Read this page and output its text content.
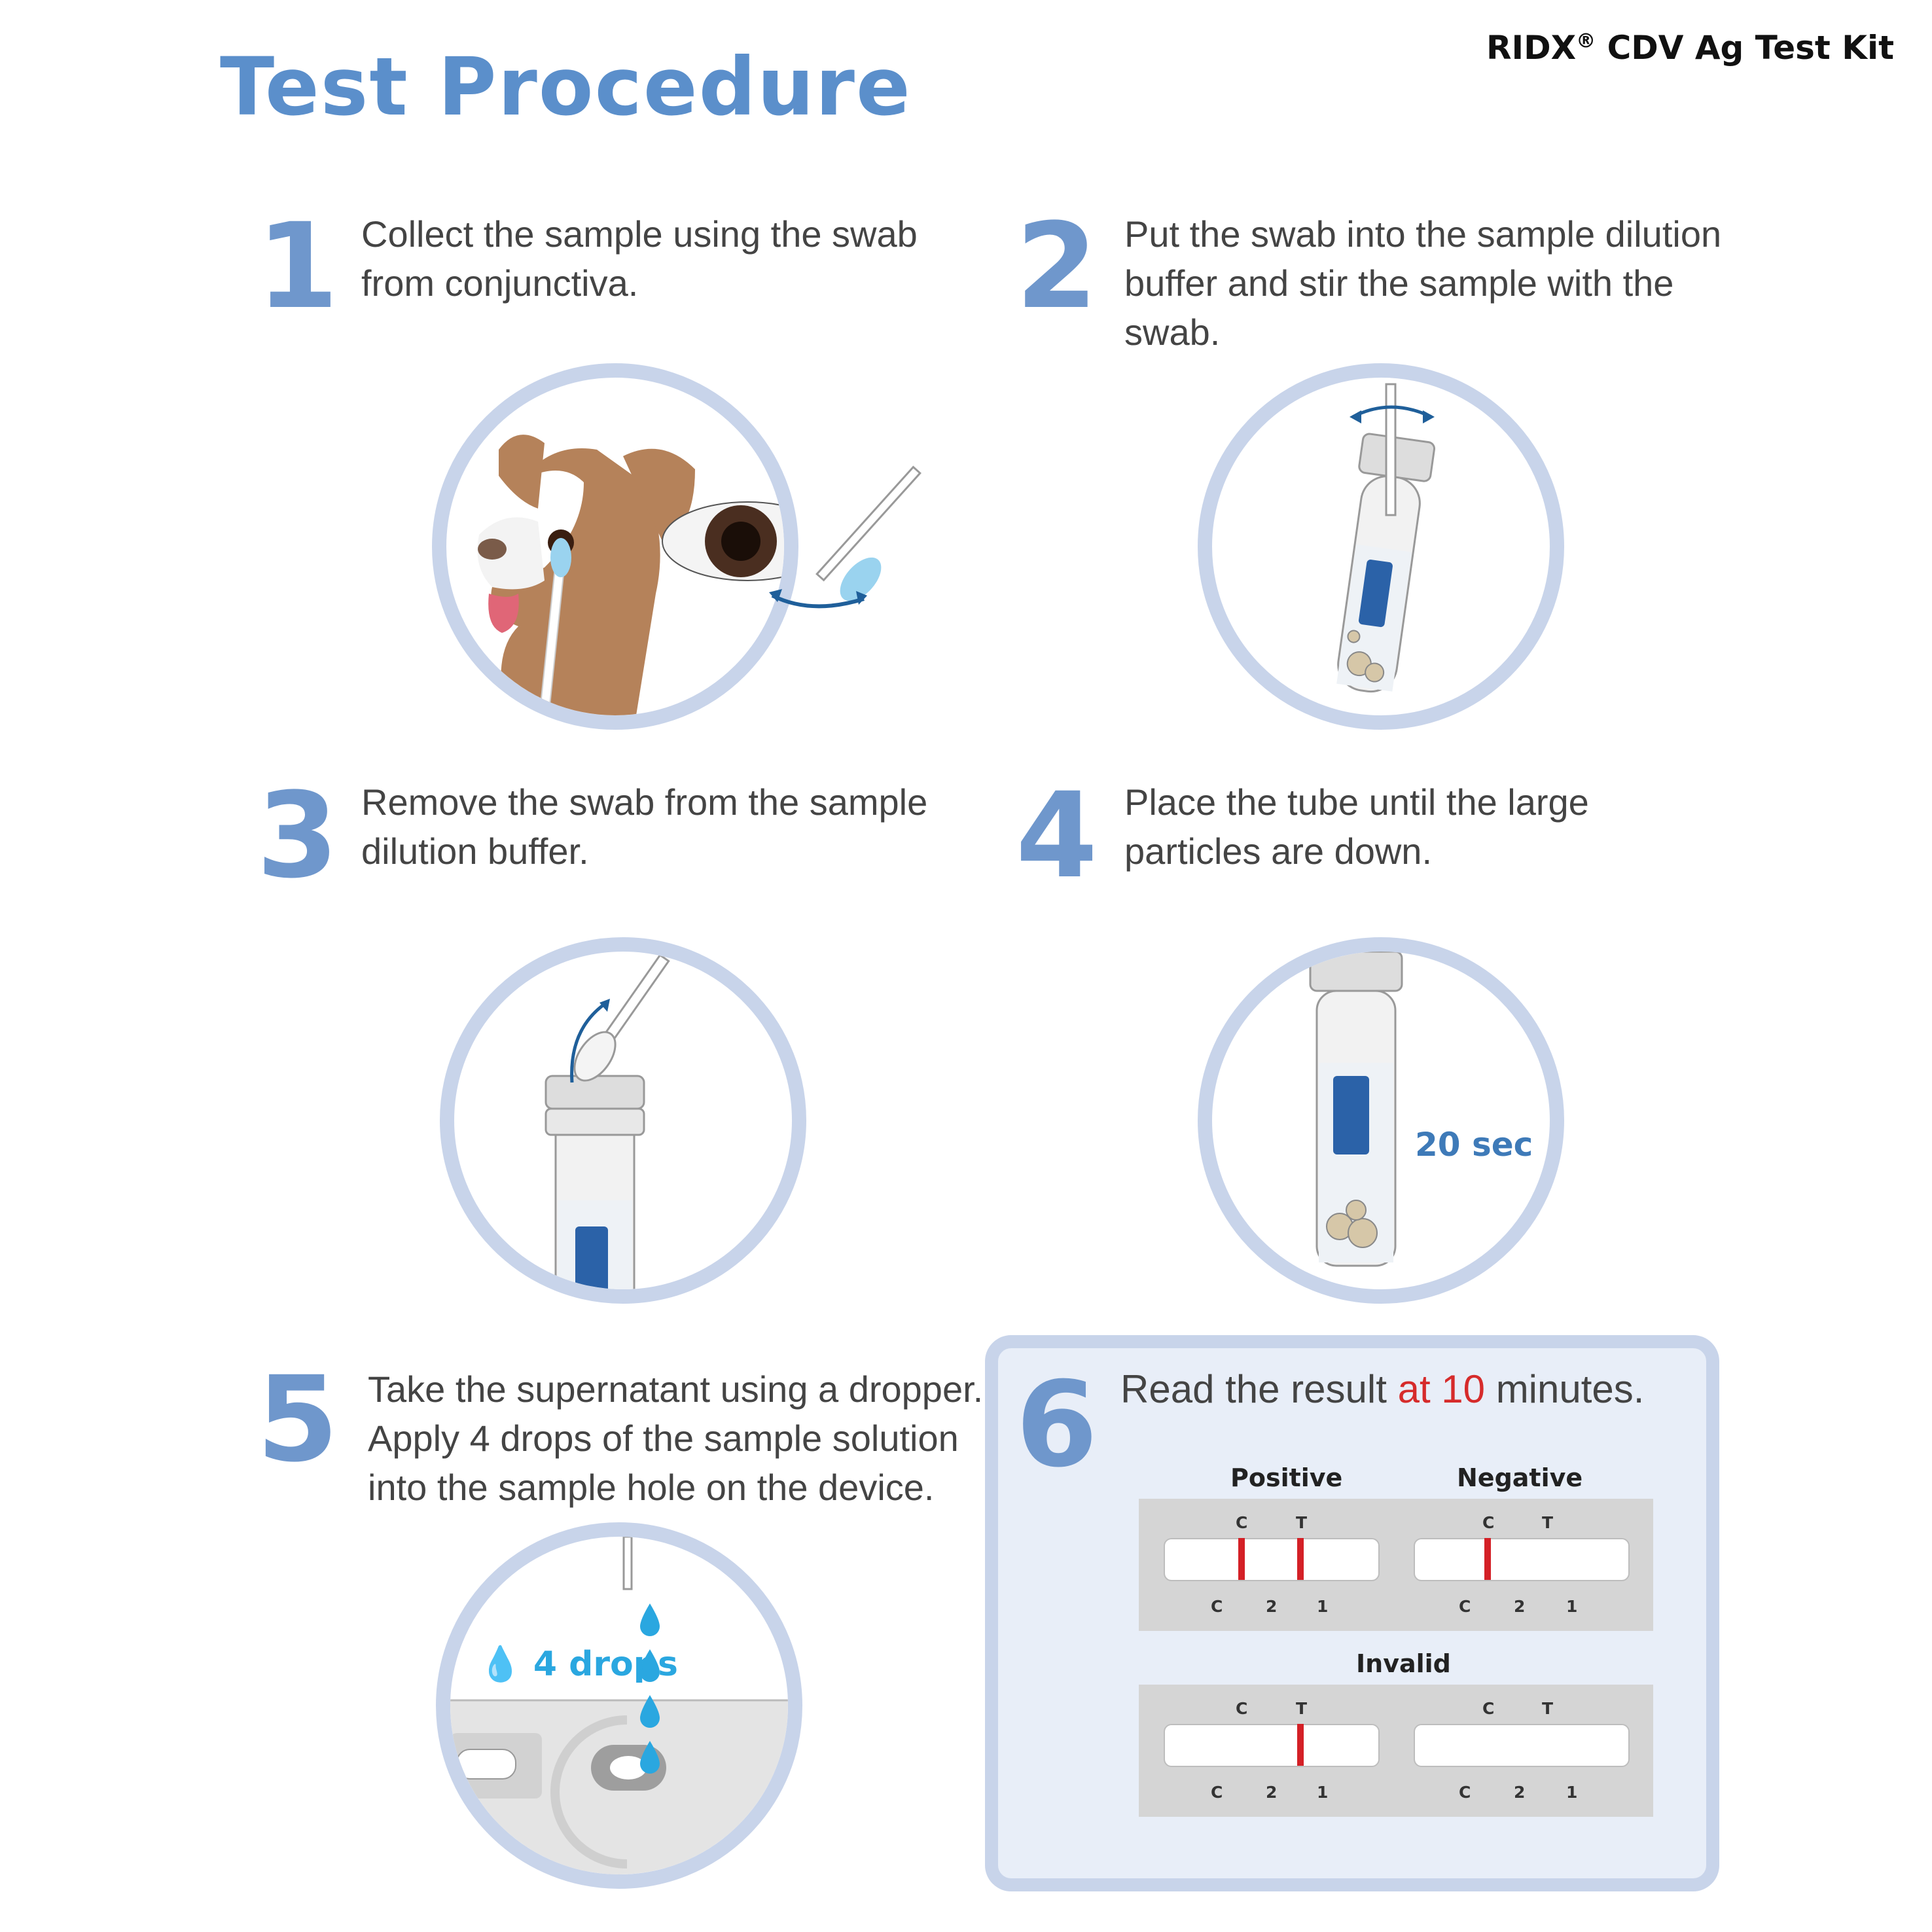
Test Procedure	RIDX® CDV Ag Test Kit
1 Collect the sample using the swab
from conjunctiva.	2 Put the swab into the sample dilution
buffer and stir the sample with the
swab.
3 Remove the swab from the sample
dilution buffer.	4 Place the tube until the large
particles are down.
20 sec
5 Take the supernatant using a dropper.
Apply 4 drops of the sample solution
into the sample hole on the device.
💧 4 drops
6 Read the result at 10 minutes.
Positive	Negative
Invalid
C	T
C	2 1
C	T
C	2	1
C	T
C	2 1
C	T
C	2	1
